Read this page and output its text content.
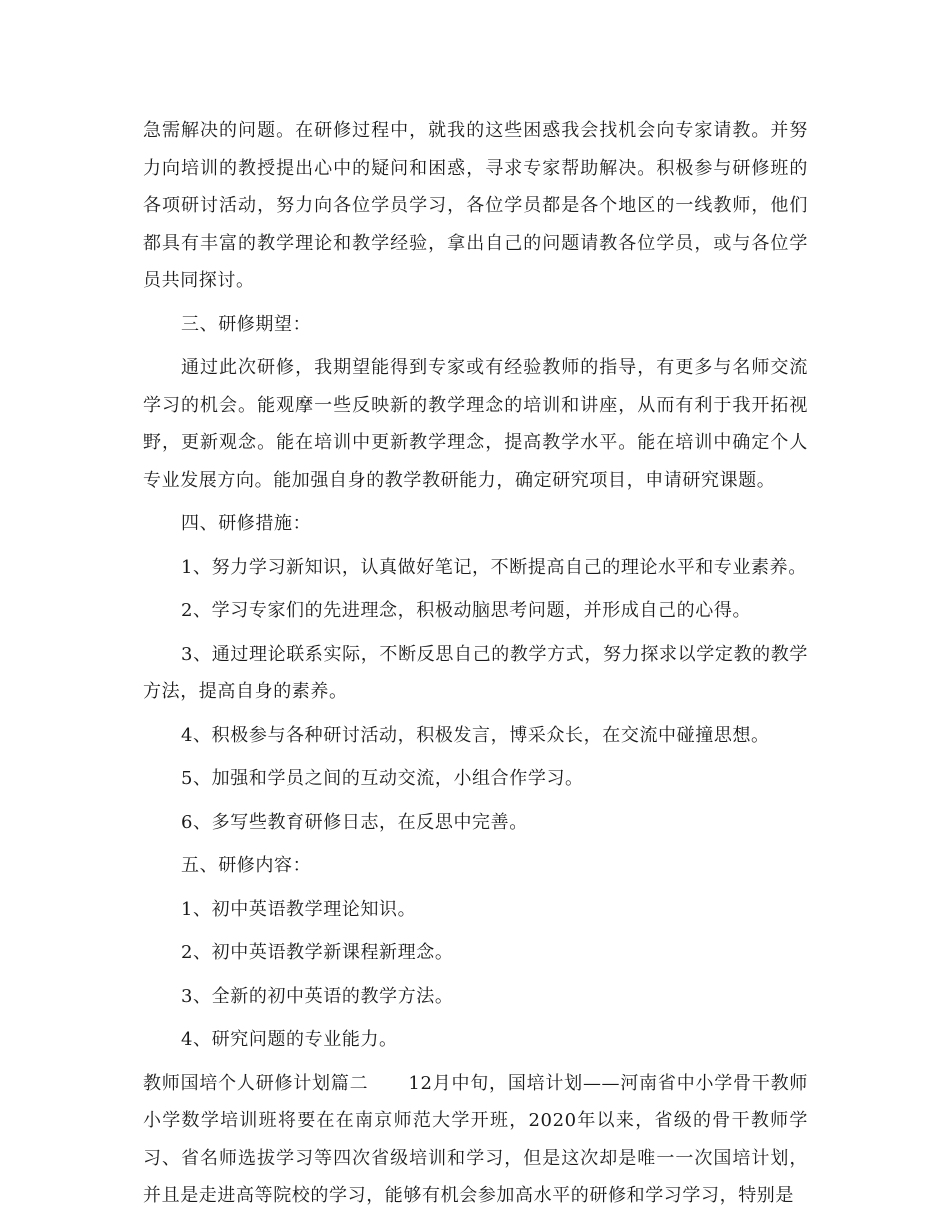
急需解决的问题。在研修过程中，就我的这些困惑我会找机会向专家请教。并努力向培训的教授提出心中的疑问和困惑，寻求专家帮助解决。积极参与研修班的各项研讨活动，努力向各位学员学习，各位学员都是各个地区的一线教师，他们都具有丰富的教学理论和教学经验，拿出自己的问题请教各位学员，或与各位学员共同探讨。

三、研修期望：

通过此次研修，我期望能得到专家或有经验教师的指导，有更多与名师交流学习的机会。能观摩一些反映新的教学理念的培训和讲座，从而有利于我开拓视野，更新观念。能在培训中更新教学理念，提高教学水平。能在培训中确定个人专业发展方向。能加强自身的教学教研能力，确定研究项目，申请研究课题。

四、研修措施：

1、努力学习新知识，认真做好笔记，不断提高自己的理论水平和专业素养。

2、学习专家们的先进理念，积极动脑思考问题，并形成自己的心得。

3、通过理论联系实际，不断反思自己的教学方式，努力探求以学定教的教学方法，提高自身的素养。

4、积极参与各种研讨活动，积极发言，博采众长，在交流中碰撞思想。

5、加强和学员之间的互动交流，小组合作学习。

6、多写些教育研修日志，在反思中完善。

五、研修内容：

1、初中英语教学理论知识。

2、初中英语教学新课程新理念。

3、全新的初中英语的教学方法。

4、研究问题的专业能力。

教师国培个人研修计划篇二 12月中旬，国培计划——河南省中小学骨干教师小学数学培训班将要在在南京师范大学开班，2020年以来，省级的骨干教师学习、省名师选拔学习等四次省级培训和学习，但是这次却是唯一一次国培计划，并且是走进高等院校的学习，能够有机会参加高水平的研修和学习学习，特别是
